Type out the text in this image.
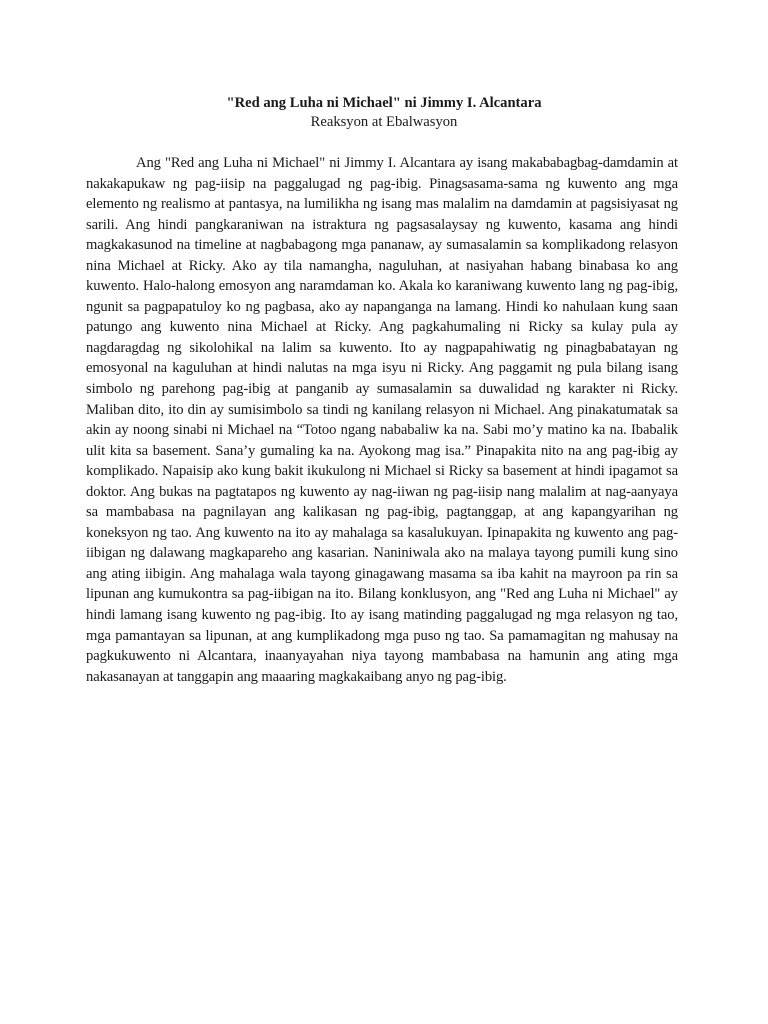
"Red ang Luha ni Michael" ni Jimmy I. Alcantara
Reaksyon at Ebalwasyon

Ang "Red ang Luha ni Michael" ni Jimmy I. Alcantara ay isang makababagbag-damdamin at nakakapukaw ng pag-iisip na paggalugad ng pag-ibig. Pinagsasama-sama ng kuwento ang mga elemento ng realismo at pantasya, na lumilikha ng isang mas malalim na damdamin at pagsisiyasat ng sarili. Ang hindi pangkaraniwan na istraktura ng pagsasalaysay ng kuwento, kasama ang hindi magkakasunod na timeline at nagbabagong mga pananaw, ay sumasalamin sa komplikadong relasyon nina Michael at Ricky. Ako ay tila namangha, naguluhan, at nasiyahan habang binabasa ko ang kuwento. Halo-halong emosyon ang naramdaman ko. Akala ko karaniwang kuwento lang ng pag-ibig, ngunit sa pagpapatuloy ko ng pagbasa, ako ay napanganga na lamang. Hindi ko nahulaan kung saan patungo ang kuwento nina Michael at Ricky. Ang pagkahumaling ni Ricky sa kulay pula ay nagdaragdag ng sikolohikal na lalim sa kuwento. Ito ay nagpapahiwatig ng pinagbabatayan ng emosyonal na kaguluhan at hindi nalutas na mga isyu ni Ricky. Ang paggamit ng pula bilang isang simbolo ng parehong pag-ibig at panganib ay sumasalamin sa duwalidad ng karakter ni Ricky. Maliban dito, ito din ay sumisimbolo sa tindi ng kanilang relasyon ni Michael. Ang pinakatumatak sa akin ay noong sinabi ni Michael na “Totoo ngang nababaliw ka na. Sabi mo’y matino ka na. Ibabalik ulit kita sa basement. Sana’y gumaling ka na. Ayokong mag isa.” Pinapakita nito na ang pag-ibig ay komplikado. Napaisip ako kung bakit ikukulong ni Michael si Ricky sa basement at hindi ipagamot sa doktor. Ang bukas na pagtatapos ng kuwento ay nag-iiwan ng pag-iisip nang malalim at nag-aanyaya sa mambabasa na pagnilayan ang kalikasan ng pag-ibig, pagtanggap, at ang kapangyarihan ng koneksyon ng tao. Ang kuwento na ito ay mahalaga sa kasalukuyan. Ipinapakita ng kuwento ang pag-iibigan ng dalawang magkapareho ang kasarian. Naniniwala ako na malaya tayong pumili kung sino ang ating iibigin. Ang mahalaga wala tayong ginagawang masama sa iba kahit na mayroon pa rin sa lipunan ang kumukontra sa pag-iibigan na ito. Bilang konklusyon, ang "Red ang Luha ni Michael" ay hindi lamang isang kuwento ng pag-ibig. Ito ay isang matinding paggalugad ng mga relasyon ng tao, mga pamantayan sa lipunan, at ang kumplikadong mga puso ng tao. Sa pamamagitan ng mahusay na pagkukuwento ni Alcantara, inaanyayahan niya tayong mambabasa na hamunin ang ating mga nakasanayan at tanggapin ang maaaring magkakaibang anyo ng pag-ibig.
